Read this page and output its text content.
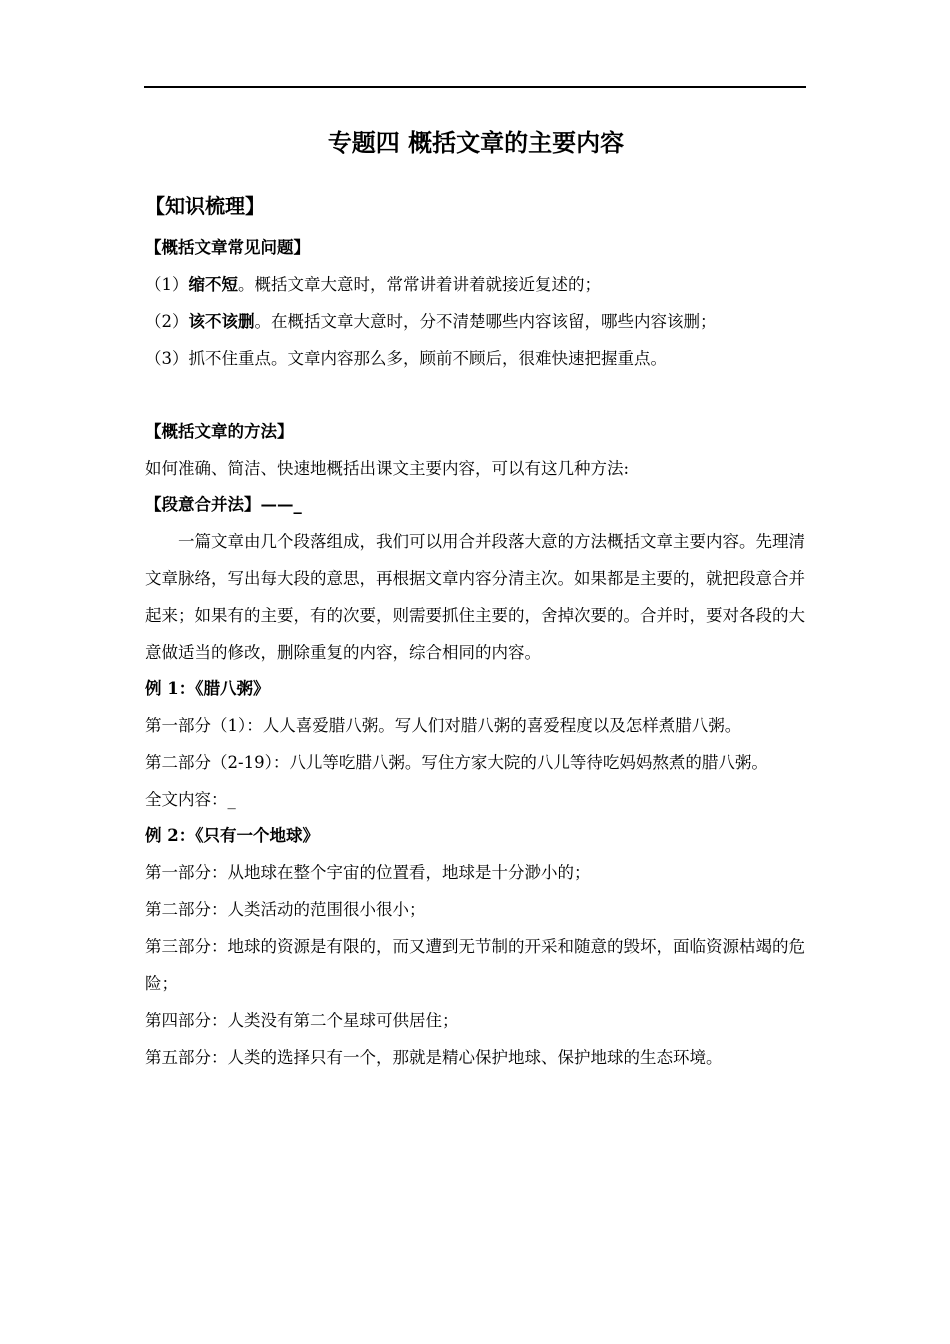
专题四 概括文章的主要内容
【知识梳理】
【概括文章常见问题】
（1）缩不短。概括文章大意时，常常讲着讲着就接近复述的；
（2）该不该删。在概括文章大意时，分不清楚哪些内容该留，哪些内容该删；
（3）抓不住重点。文章内容那么多，顾前不顾后，很难快速把握重点。
【概括文章的方法】
如何准确、简洁、快速地概括出课文主要内容，可以有这几种方法:
【段意合并法】——_
一篇文章由几个段落组成，我们可以用合并段落大意的方法概括文章主要内容。先理清文章脉络，写出每大段的意思，再根据文章内容分清主次。如果都是主要的，就把段意合并起来；如果有的主要，有的次要，则需要抓住主要的，舍掉次要的。合并时，要对各段的大意做适当的修改，删除重复的内容，综合相同的内容。
例 1：《腊八粥》
第一部分（1）：人人喜爱腊八粥。写人们对腊八粥的喜爱程度以及怎样煮腊八粥。
第二部分（2-19）：八儿等吃腊八粥。写住方家大院的八儿等待吃妈妈熬煮的腊八粥。
全文内容：_
例 2：《只有一个地球》
第一部分：从地球在整个宇宙的位置看，地球是十分渺小的；
第二部分：人类活动的范围很小很小；
第三部分：地球的资源是有限的，而又遭到无节制的开采和随意的毁坏，面临资源枯竭的危险；
第四部分：人类没有第二个星球可供居住；
第五部分：人类的选择只有一个，那就是精心保护地球、保护地球的生态环境。
